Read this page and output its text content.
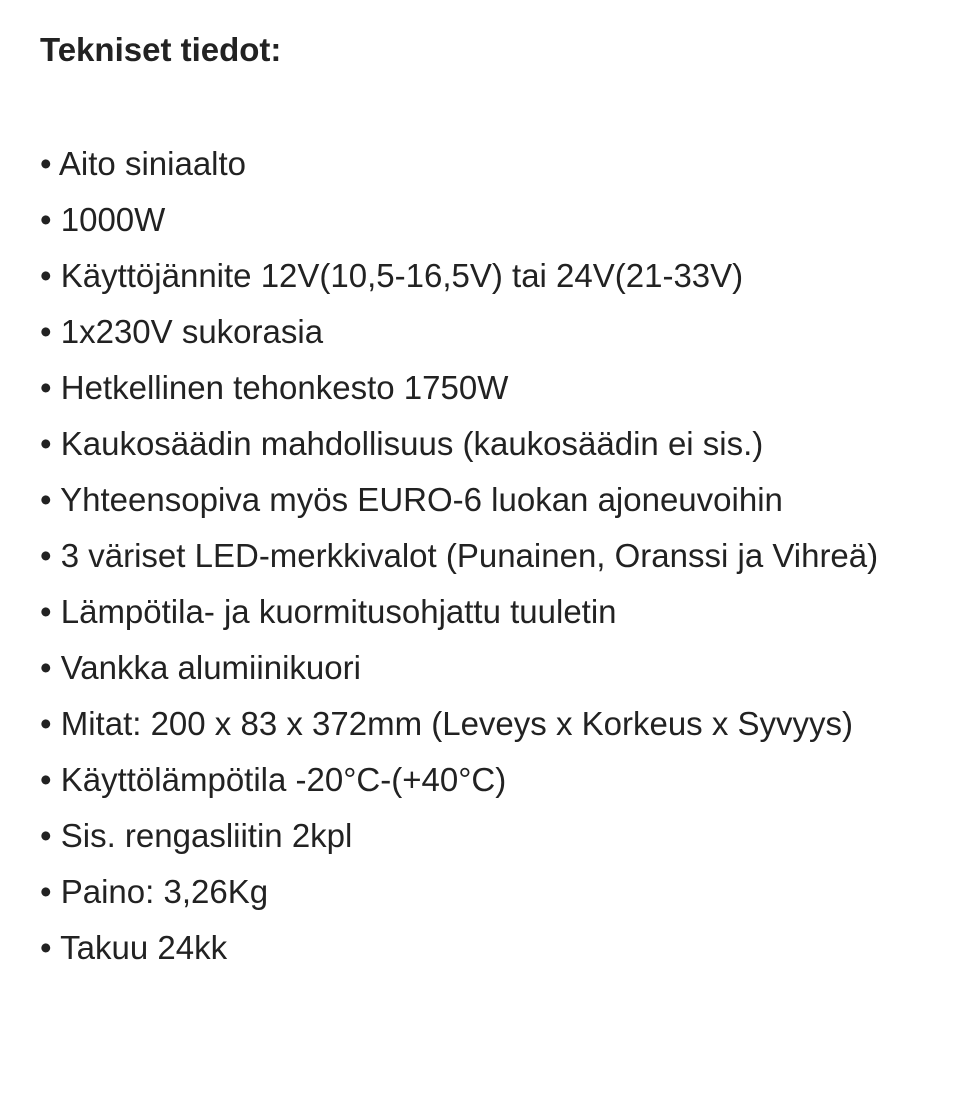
Tekniset tiedot:
• Aito siniaalto
• 1000W
• Käyttöjännite 12V(10,5-16,5V) tai 24V(21-33V)
• 1x230V sukorasia
• Hetkellinen tehonkesto 1750W
• Kaukosäädin mahdollisuus (kaukosäädin ei sis.)
• Yhteensopiva myös EURO-6 luokan ajoneuvoihin
• 3 väriset LED-merkkivalot (Punainen, Oranssi ja Vihreä)
• Lämpötila- ja kuormitusohjattu tuuletin
• Vankka alumiinikuori
• Mitat: 200 x 83 x 372mm (Leveys x Korkeus x Syvyys)
• Käyttölämpötila -20°C-(+40°C)
• Sis. rengasliitin 2kpl
• Paino: 3,26Kg
• Takuu 24kk
